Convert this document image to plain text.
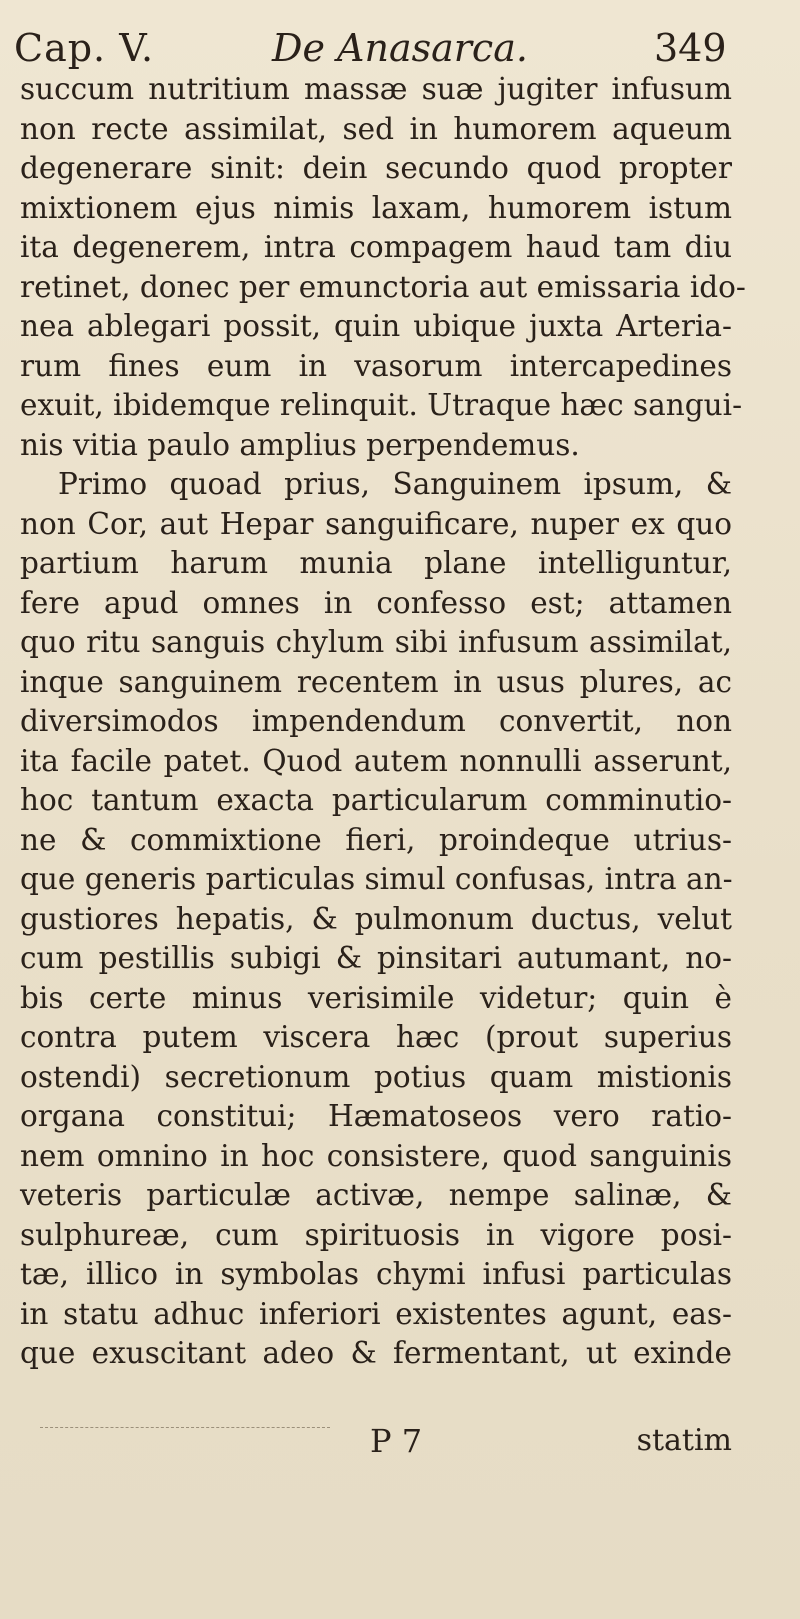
Cap. V.	De Anasarca.	349
succum nutritium massæ suæ jugiter infusum
non recte assimilat, sed in humorem aqueum
degenerare sinit: dein secundo quod propter
mixtionem ejus nimis laxam, humorem istum
ita degenerem, intra compagem haud tam diu
retinet, donec per emunctoria aut emissaria ido-
nea ablegari possit, quin ubique juxta Arteria-
rum fines eum in vasorum intercapedines
exuit, ibidemque relinquit. Utraque hæc sangui-
nis vitia paulo amplius perpendemus.
Primo quoad prius, Sanguinem ipsum, &
non Cor, aut Hepar sanguificare, nuper ex quo
partium harum munia plane intelliguntur,
fere apud omnes in confesso est; attamen
quo ritu sanguis chylum sibi infusum assimilat,
inque sanguinem recentem in usus plures, ac
diversimodos impendendum convertit, non
ita facile patet. Quod autem nonnulli asserunt,
hoc tantum exacta particularum comminutio-
ne & commixtione fieri, proindeque utrius-
que generis particulas simul confusas, intra an-
gustiores hepatis, & pulmonum ductus, velut
cum pestillis subigi & pinsitari autumant, no-
bis certe minus verisimile videtur; quin è
contra putem viscera hæc (prout superius
ostendi) secretionum potius quam mistionis
organa constitui; Hæmatoseos vero ratio-
nem omnino in hoc consistere, quod sanguinis
veteris particulæ activæ, nempe salinæ, &
sulphureæ, cum spirituosis in vigore posi-
tæ, illico in symbolas chymi infusi particulas
in statu adhuc inferiori existentes agunt, eas-
que exuscitant adeo & fermentant, ut exinde
P 7	statim
